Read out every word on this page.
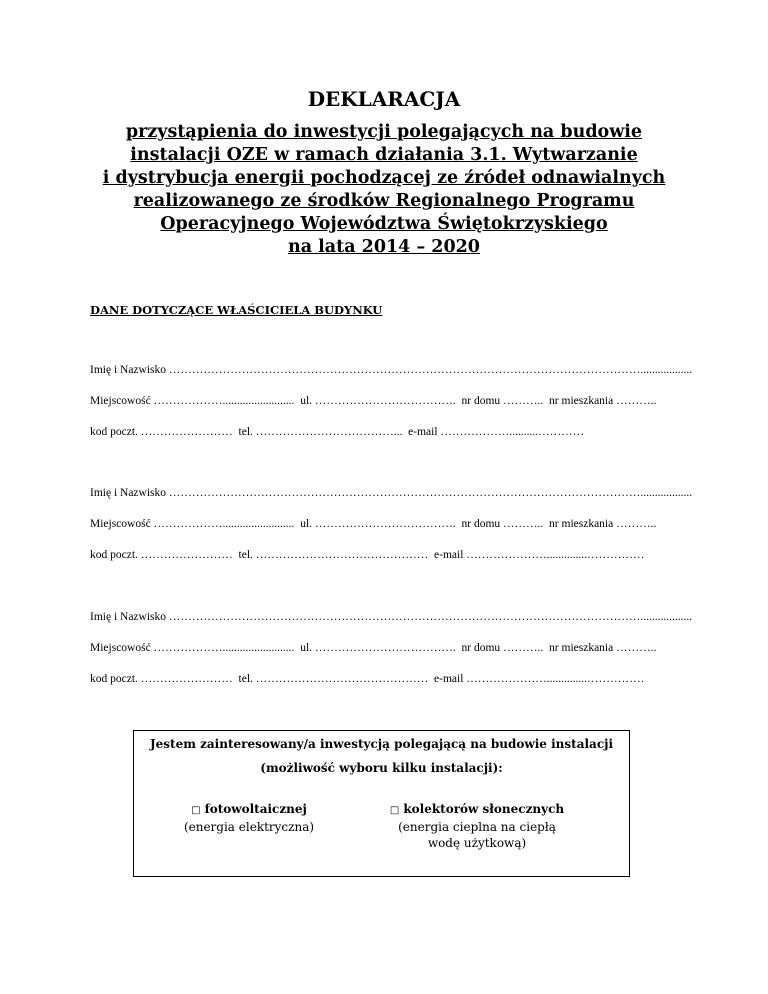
DEKLARACJA
przystąpienia do inwestycji polegających na budowie
instalacji OZE w ramach działania 3.1. Wytwarzanie
i dystrybucja energii pochodzącej ze źródeł odnawialnych
realizowanego ze środków Regionalnego Programu
Operacyjnego Województwa Świętokrzyskiego
na lata 2014 – 2020
DANE DOTYCZĄCE WŁAŚCICIELA BUDYNKU
Imię i Nazwisko ……………………………………………………………………………………………………………..................
Miejscowość ………………......................... ul. ………………………………. nr domu ……….. nr mieszkania ………..
kod poczt. …………………… tel. ………………………………... e-mail ………………..........…………
Imię i Nazwisko ……………………………………………………………………………………………………………..................
Miejscowość ………………......................... ul. ………………………………. nr domu ……….. nr mieszkania ………..
kod poczt. …………………… tel. ……………………………………… e-mail …………………..............……………
Imię i Nazwisko ……………………………………………………………………………………………………………..................
Miejscowość ………………......................... ul. ………………………………. nr domu ……….. nr mieszkania ………..
kod poczt. …………………… tel. ……………………………………… e-mail …………………..............……………
Jestem zainteresowany/a inwestycją polegającą na budowie instalacji
(możliwość wyboru kilku instalacji):
□ fotowoltaicznej
(energia elektryczna)
□ kolektorów słonecznych
(energia cieplna na ciepłą
wodę użytkową)
